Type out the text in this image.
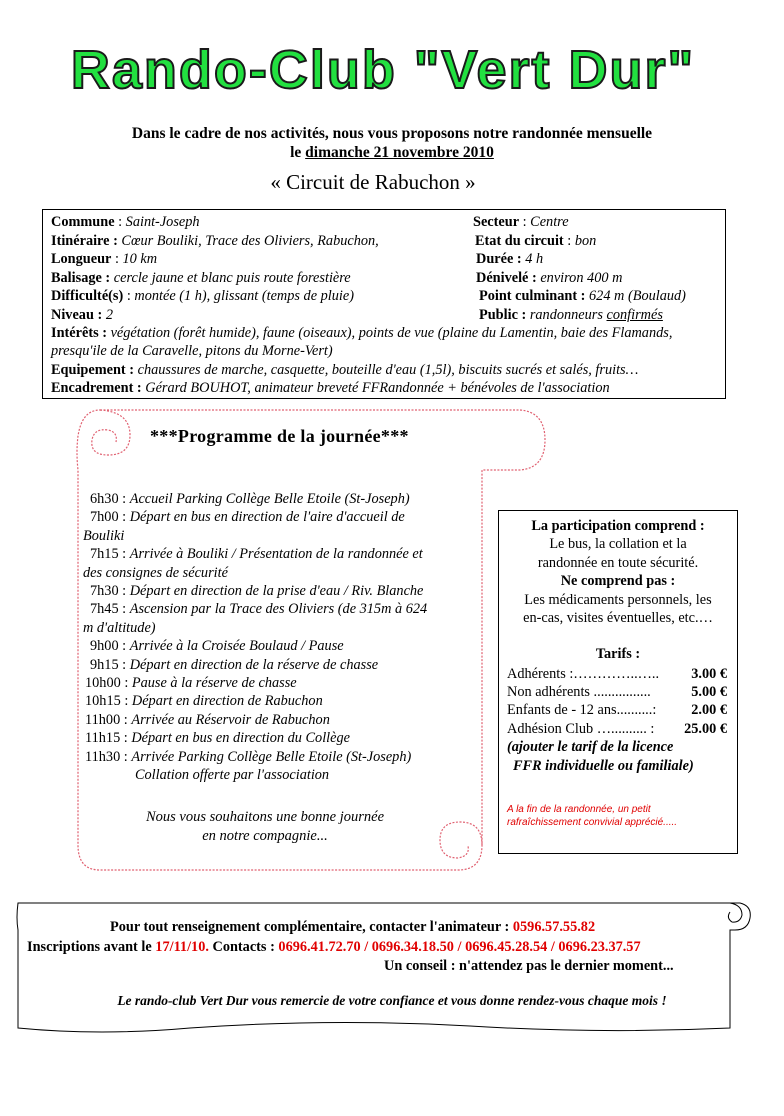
Rando-Club "Vert Dur"
Dans le cadre de nos activités, nous vous proposons notre randonnée mensuelle
le dimanche 21 novembre 2010
« Circuit de Rabuchon »
Commune : Saint-Joseph	Secteur : Centre
Itinéraire : Cœur Bouliki, Trace des Oliviers, Rabuchon,	Etat du circuit : bon
Longueur : 10 km	Durée : 4 h
Balisage : cercle jaune et blanc puis route forestière	Dénivelé : environ 400 m
Difficulté(s) : montée (1 h), glissant (temps de pluie)	Point culminant : 624 m (Boulaud)
Niveau : 2	Public : randonneurs confirmés
Intérêts : végétation (forêt humide), faune (oiseaux), points de vue (plaine du Lamentin, baie des Flamands, presqu'ile de la Caravelle, pitons du Morne-Vert)
Equipement : chaussures de marche, casquette, bouteille d'eau (1,5l), biscuits sucrés et salés, fruits…
Encadrement : Gérard BOUHOT, animateur breveté FFRandonnée + bénévoles de l'association
***Programme de la journée***
6h30 : Accueil Parking Collège Belle Etoile (St-Joseph)
7h00 : Départ en bus en direction de l'aire d'accueil de
Bouliki
7h15 : Arrivée à Bouliki / Présentation de la randonnée et
des consignes de sécurité
7h30 : Départ en direction de la prise d'eau / Riv. Blanche
7h45 : Ascension par la Trace des Oliviers (de 315m à 624
m d'altitude)
9h00 : Arrivée à la Croisée Boulaud / Pause
9h15 : Départ en direction de la réserve de chasse
10h00 : Pause à la réserve de chasse
10h15 : Départ en direction de Rabuchon
11h00 : Arrivée au Réservoir de Rabuchon
11h15 : Départ en bus en direction du Collège
11h30 : Arrivée Parking Collège Belle Etoile (St-Joseph)
Collation offerte par l'association
Nous vous souhaitons une bonne journée
en notre compagnie...
La participation comprend :
Le bus, la collation et la
randonnée en toute sécurité.
Ne comprend pas :
Les médicaments personnels, les
en-cas, visites éventuelles, etc.…
Tarifs :
Adhérents :…………..….. 3.00 €
Non adhérents ................	5.00 €
Enfants de - 12 ans..........: 2.00 €
Adhésion Club ….......... : 25.00 €
(ajouter le tarif de la licence
FFR individuelle ou familiale)
A la fin de la randonnée, un petit rafraîchissement convivial apprécié.....
Pour tout renseignement complémentaire, contacter l'animateur : 0596.57.55.82
Inscriptions avant le 17/11/10. Contacts : 0696.41.72.70 / 0696.34.18.50 / 0696.45.28.54 / 0696.23.37.57
Un conseil : n'attendez pas le dernier moment...
Le rando-club Vert Dur vous remercie de votre confiance et vous donne rendez-vous chaque mois !
